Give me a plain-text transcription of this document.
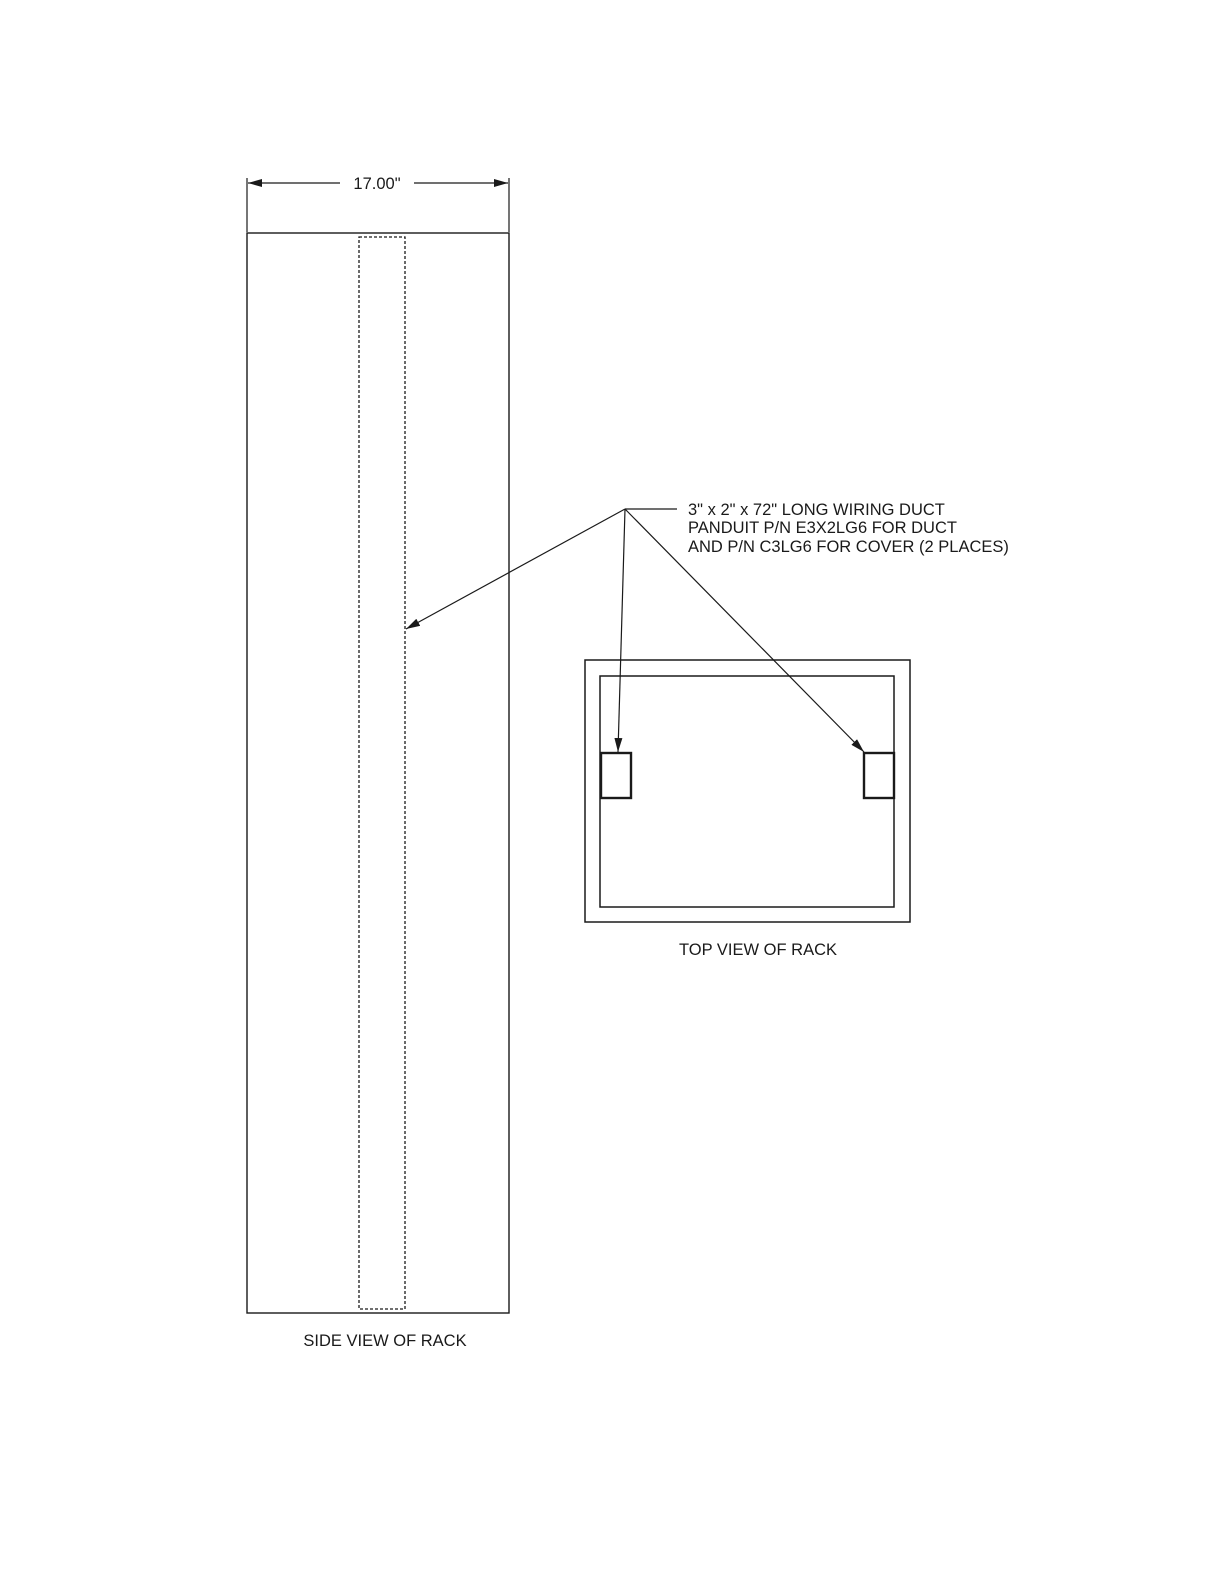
17.00"
SIDE VIEW OF RACK
TOP VIEW OF RACK
3" x 2" x 72" LONG WIRING DUCT
PANDUIT P/N E3X2LG6 FOR DUCT
AND P/N C3LG6 FOR COVER (2 PLACES)
